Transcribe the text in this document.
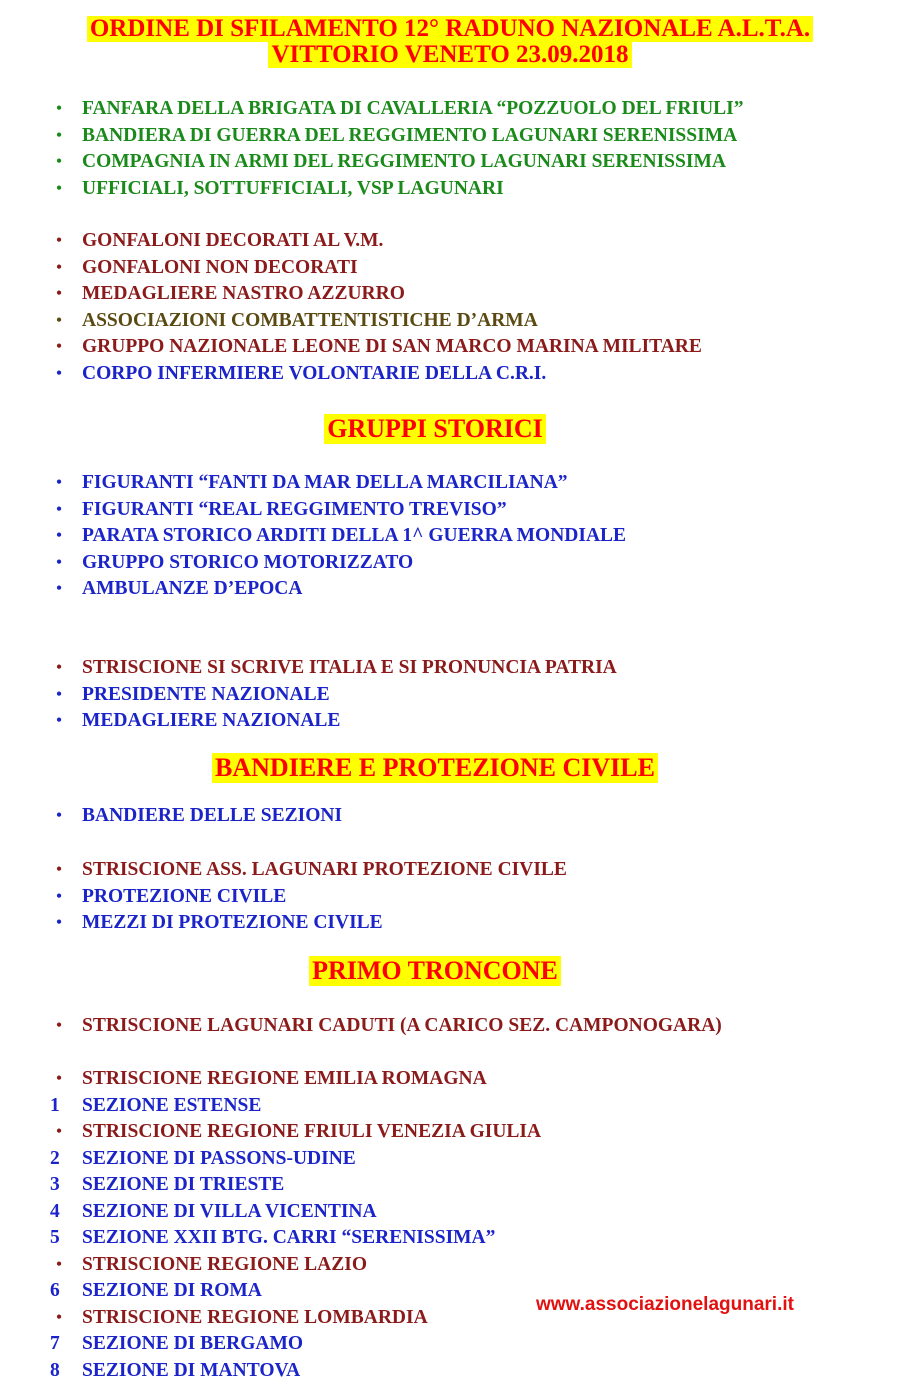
ORDINE DI SFILAMENTO 12° RADUNO NAZIONALE A.L.T.A.
VITTORIO VENETO 23.09.2018
• FANFARA DELLA BRIGATA DI CAVALLERIA “POZZUOLO DEL FRIULI”
• BANDIERA DI GUERRA DEL REGGIMENTO LAGUNARI SERENISSIMA
• COMPAGNIA IN ARMI DEL REGGIMENTO LAGUNARI SERENISSIMA
• UFFICIALI, SOTTUFFICIALI, VSP LAGUNARI
• GONFALONI DECORATI AL V.M.
• GONFALONI NON DECORATI
• MEDAGLIERE NASTRO AZZURRO
• ASSOCIAZIONI COMBATTENTISTICHE D’ARMA
• GRUPPO NAZIONALE LEONE DI SAN MARCO MARINA MILITARE
• CORPO INFERMIERE VOLONTARIE DELLA C.R.I.
GRUPPI STORICI
• FIGURANTI “FANTI DA MAR DELLA MARCILIANA”
• FIGURANTI “REAL REGGIMENTO TREVISO”
• PARATA STORICO ARDITI DELLA 1^ GUERRA MONDIALE
• GRUPPO STORICO MOTORIZZATO
• AMBULANZE D’EPOCA
• STRISCIONE SI SCRIVE ITALIA E SI PRONUNCIA PATRIA
• PRESIDENTE NAZIONALE
• MEDAGLIERE NAZIONALE
BANDIERE E PROTEZIONE CIVILE
• BANDIERE DELLE SEZIONI
• STRISCIONE ASS. LAGUNARI PROTEZIONE CIVILE
• PROTEZIONE CIVILE
• MEZZI DI PROTEZIONE CIVILE
PRIMO TRONCONE
• STRISCIONE LAGUNARI CADUTI (A CARICO SEZ. CAMPONOGARA)
• STRISCIONE REGIONE EMILIA ROMAGNA
1	SEZIONE ESTENSE
• STRISCIONE REGIONE FRIULI VENEZIA GIULIA
2	SEZIONE DI PASSONS-UDINE
3	SEZIONE DI TRIESTE
4	SEZIONE DI VILLA VICENTINA
5	SEZIONE XXII BTG. CARRI “SERENISSIMA”
• STRISCIONE REGIONE LAZIO
6	SEZIONE DI ROMA
• STRISCIONE REGIONE LOMBARDIA
7	SEZIONE DI BERGAMO
8	SEZIONE DI MANTOVA
www.associazionelagunari.it
